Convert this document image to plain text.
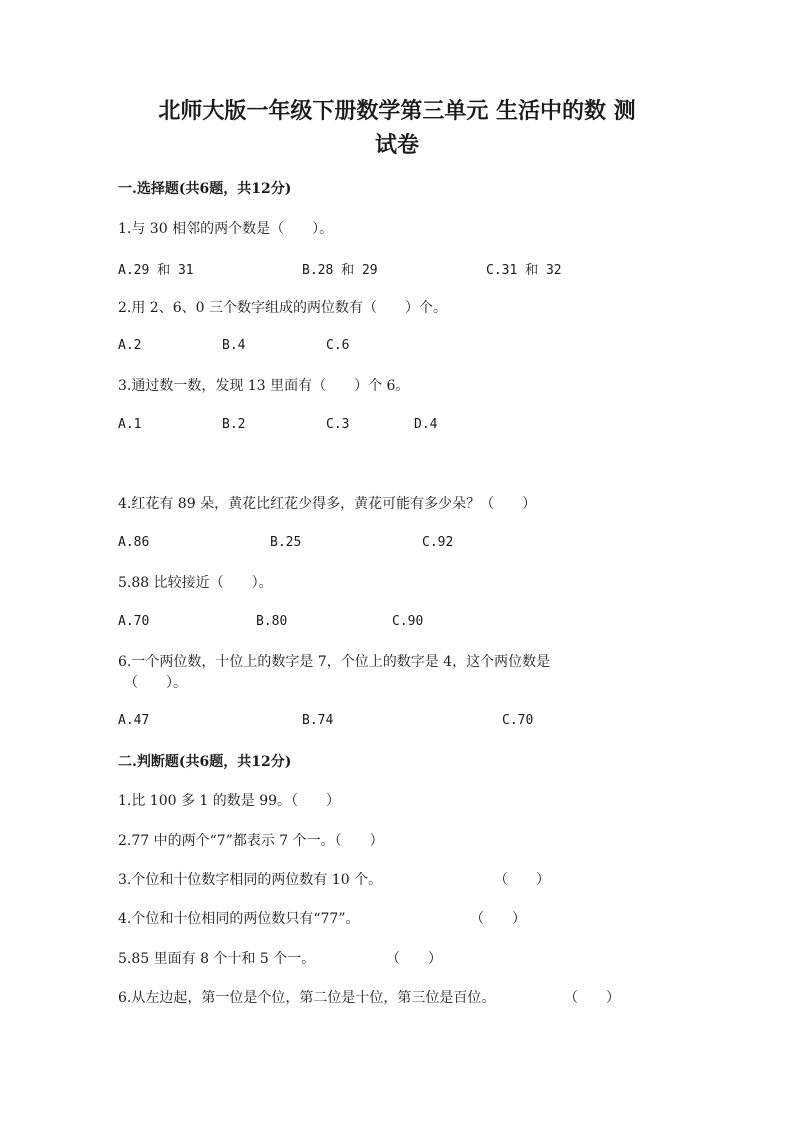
北师大版一年级下册数学第三单元 生活中的数 测
试卷
一.选择题(共6题，共12分)
1.与 30 相邻的两个数是（　　）。
A.29 和 31	B.28 和 29	C.31 和 32
2.用 2、6、0 三个数字组成的两位数有（　　）个。
A.2	B.4	C.6
3.通过数一数，发现 13 里面有（　　）个 6。
A.1	B.2	C.3	D.4
4.红花有 89 朵，黄花比红花少得多，黄花可能有多少朵？（　　）
A.86	B.25	C.92
5.88 比较接近（　　）。
A.70	B.80	C.90
6.一个两位数，十位上的数字是 7，个位上的数字是 4，这个两位数是
（　　）。
A.47	B.74	C.70
二.判断题(共6题，共12分)
1.比 100 多 1 的数是 99。（　　）
2.77 中的两个“7”都表示 7 个一。（　　）
3.个位和十位数字相同的两位数有 10 个。	（　　）
4.个位和十位相同的两位数只有“77”。	（　　）
5.85 里面有 8 个十和 5 个一。	（　　）
6.从左边起，第一位是个位，第二位是十位，第三位是百位。	（　　）
